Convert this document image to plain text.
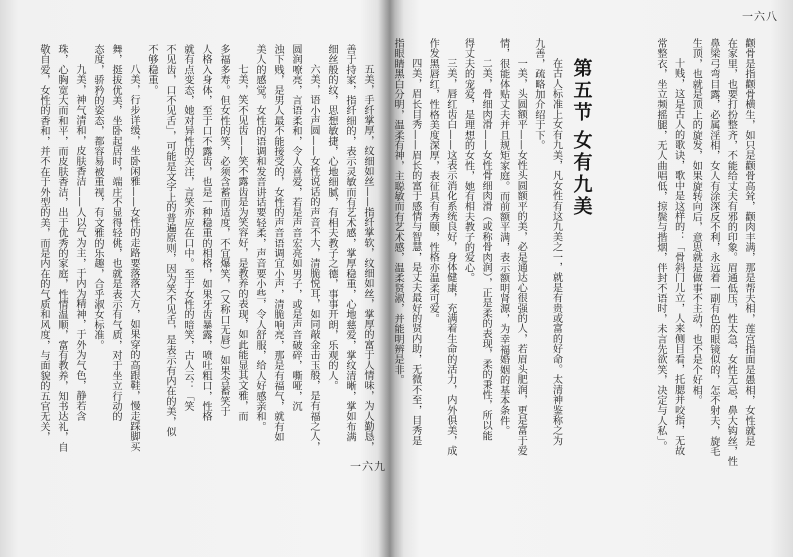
一六八
颧骨是指颧骨横生，如只是颧骨高耸，颧肉丰满，那是帮夫相，莲宫指面是愚相，女性就是
在家里，也要打扮整齐，不能给丈夫有邪的印象。眉通低压，性太急，女性无忌，鼻大钩丝，性
鼻梁弓弯目露，必属淫相，女人有涂深反不利，永远着一副有色的眼镜似的，怎不射夫，旋毛
生顶，也就是顶上的旋发，如果旋转向后，意思就是做事不主动，也不是个好相。
十贱，这是古人的歌诀，歌中是这样的：「骨斜门儿立，人来侧目看，托腮并咬指，无故
常整衣，坐立频摇腿，无人曲唱低，掠鬓与揩烟，伴封不语时，未言先欲笑，决定与人私」。
第五节女有九美
在古人标准上女有九美，凡女性有这九美之一，就是有贵或富的好命。太清神鉴称之为
九善，疏略加介绍于下。
一美，头圆额平——女性头圆额平的美，必是通达心很强的人，若眉头肥润，更是富于爱
情，很能体贴丈夫并且规矩家庭。而前额平满，表示额明肾源，为幸福婚姻的基本条件。
二美，骨细肉滑——女性骨细肉滑（或称骨肉润），正是柔的表现，柔的秉性，所以能
得丈夫的宠爱，是理想的女性，她有相夫教子的爱心。
三美，唇红齿白——这表示消化系统良好，身体健康，充满着生命的活力，内外俱美，成
作发黑唇红，性格美度深厚，表征具有秀颐，性格亦温柔可爱。
四美，眉长目秀——眉长的富于感情与智慧，是丈夫最好的贤内助，无微不至，目秀是
指眼睛黑白分明，温柔有神，主聪敏而有艺术感，温柔贤淑，并能明辨是非。
五美，手纤掌厚，纹细如丝——指纤掌软，纹细如丝，掌厚的富于人情味，为人勤恳，
善于持家，指纤细的，表示灵敏而有艺术感，掌厚稳重，心地慈爱，掌纹清晰，掌如布满
细丝般的纹，思想敏捷，心地细腻，有相夫教子之德，事事开朗，乐观的人。
六美，语小声圆——女性说话的声音不大，清脆悦耳，如同敲金击玉般，是有福之人，
圆润嘹亮，言语柔和，令人喜爱，若是声音宏亮如男子，或是声音破碎，嘶哑，沉
浊下贱，是男人最不能接受的，女性的声音语调宜小声，清脆响亮，那是有福气，就有如
美人的感觉。女性的语调和发音讲话要轻柔，声音要小些，令人舒服，给人好感亲和。
七美，笑不见齿——笑不露齿是为笑容好，是教养的表现，如此能显其文雅，而
多福多寿。但女性的笑，必须含蓄而适度，不宜爆笑，（又称口无唇）如果含蓄笑于
人格入身体，至于口不露齿，也是一种稳重的相格，如果牙齿暴露，喷吐粗口，性格
就有点变态，她对异性的关注，言笑亦应在口中。至于女性的暗笑，古人云：「笑
不见齿，口不见舌」，可能是文字上的普遍原则，因为笑不见舌，是表示有内在的美，似
不够稳重。
八美，行步详缓，坐卧闲雅——女性的走路要落落大方，如果穿的高跟鞋，慢走踩脚买
舞，挺拔优美，坐卧起居时，端庄不显得轻佻，也就是表示有气质，对于坐立行动的
态度，骄矜的姿态，都容易被重视，有文雅的乐趣，合乎淑女标准。
九美，神气清和，皮肤香洁——人以气为主，于内为精神，于外为气色，静若含
珠，心胸宽大而和平，而皮肤香洁，出于优秀的家庭，性情温顺，富有教养，知书达礼，自
敬自爱，女性的香和，并不在于外型的美，而是内在的气质和风度，与面貌的五官无关，
一六九
